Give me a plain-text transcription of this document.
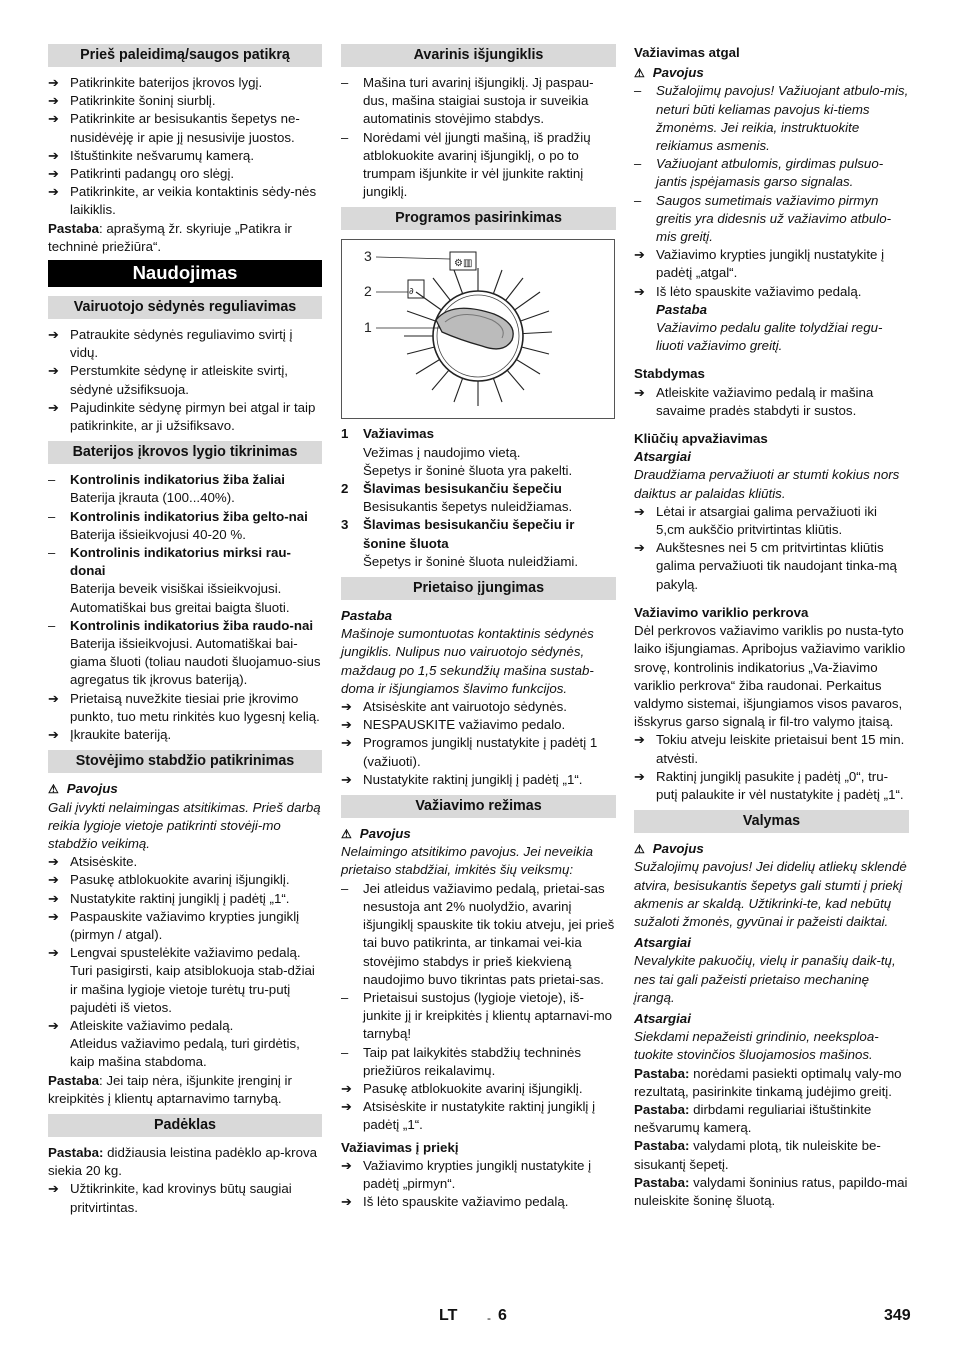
Prieš paleidimą/saugos patikrą
➔ Patikrinkite baterijos įkrovos lygį.
➔ Patikrinkite šoninį siurblį.
➔ Patikrinkite ar besisukantis šepetys ne-nusidėvėję ir apie jį nesusivije juostos.
➔ Ištuštinkite nešvarumų kamerą.
➔ Patikrinti padangų oro slėgį.
➔ Patikrinkite, ar veikia kontaktinis sėdy-nės laikiklis.

Pastaba: aprašymą žr. skyriuje „Patikra ir techninė priežiūra“.

Naudojimas
Vairuotojo sėdynės reguliavimas
➔ Patraukite sėdynės reguliavimo svirtį į vidų.
➔ Perstumkite sėdynę ir atleiskite svirtį, sėdynė užsifiksuoja.
➔ Pajudinkite sėdynę pirmyn bei atgal ir taip patikrinkite, ar ji užsifiksavo.
Baterijos įkrovos lygio tikrinimas
–	Kontrolinis indikatorius žiba žaliai
Baterija įkrauta (100...40%).
–	Kontrolinis indikatorius žiba gelto-nai
Baterija išsieikvojusi 40-20 %.
–	Kontrolinis indikatorius mirksi rau-donai
Baterija beveik visiškai išsieikvojusi. Automatiškai bus greitai baigta šluoti.
–	Kontrolinis indikatorius žiba raudo-nai
Baterija išsieikvojusi. Automatiškai bai-giama šluoti (toliau naudoti šluojamuo-sius agregatus tik įkrovus bateriją).
➔ Prietaisą nuvežkite tiesiai prie įkrovimo punkto, tuo metu rinkitės kuo lygesnį kelią.
➔ Įkraukite bateriją.
Stovėjimo stabdžio patikrinimas
⚠ Pavojus

Gali įvykti nelaimingas atsitikimas. Prieš darbą reikia lygioje vietoje patikrinti stovėji-mo stabdžio veikimą.

➔ Atsisėskite.
➔ Pasukę atblokuokite avarinį išjungiklį.
➔ Nustatykite raktinį jungiklį į padėtį „1“.
➔ Paspauskite važiavimo krypties jungiklį (pirmyn / atgal).
➔ Lengvai spustelėkite važiavimo pedalą. Turi pasigirsti, kaip atsiblokuoja stab-džiai ir mašina lygioje vietoje turėtų tru-putį pajudėti iš vietos.
➔ Atleiskite važiavimo pedalą.
Atleidus važiavimo pedalą, turi girdėtis, kaip mašina stabdoma.

Pastaba: Jei taip nėra, išjunkite įrenginį ir kreipkitės į klientų aptarnavimo tarnybą.

Padėklas

Pastaba: didžiausia leistina padėklo ap-krova siekia 20 kg.

➔ Užtikrinkite, kad krovinys būtų saugiai pritvirtintas.
Avarinis išjungiklis
–	Mašina turi avarinį išjungiklį. Jį paspau-dus, mašina staigiai sustoja ir suveikia automatinis stovėjimo stabdys.
–	Norėdami vėl įjungti mašiną, iš pradžių atblokuokite avarinį išjungiklį, o po to trumpam išjunkite ir vėl įjunkite raktinį jungiklį.
Programos pasirinkimas
⚙▥
∂
3
2
1
1	Važiavimas
Vežimas į naudojimo vietą.
Šepetys ir šoninė šluota yra pakelti.
2	Šlavimas besisukančiu šepečiu
Besisukantis šepetys nuleidžiamas.
3	Šlavimas besisukančiu šepečiu ir šonine šluota
Šepetys ir šoninė šluota nuleidžiami.
Prietaiso įjungimas
Pastaba

Mašinoje sumontuotas kontaktinis sėdynės jungiklis. Nulipus nuo vairuotojo sėdynės, maždaug po 1,5 sekundžių mašina sustab-doma ir išjungiamos šlavimo funkcijos.

➔ Atsisėskite ant vairuotojo sėdynės.
➔ NESPAUSKITE važiavimo pedalo.
➔ Programos jungiklį nustatykite į padėtį 1 (važiuoti).
➔ Nustatykite raktinį jungiklį į padėtį „1“.
Važiavimo režimas
⚠ Pavojus

Nelaimingo atsitikimo pavojus. Jei neveikia prietaiso stabdžiai, imkitės šių veiksmų:

–	Jei atleidus važiavimo pedalą, prietai-sas nesustoja ant 2% nuolydžio, avarinį išjungiklį spauskite tik tokiu atveju, jei prieš tai buvo patikrinta, ar tinkamai vei-kia stovėjimo stabdys ir prieš kiekvieną naudojimo buvo tikrintas pats prietai-sas.
–	Prietaisui sustojus (lygioje vietoje), iš-junkite jį ir kreipkitės į klientų aptarnavi-mo tarnybą!
–	Taip pat laikykitės stabdžių techninės priežiūros reikalavimų.
➔ Pasukę atblokuokite avarinį išjungiklį.
➔ Atsisėskite ir nustatykite raktinį jungiklį į padėtį „1“.
Važiavimas į priekį
➔ Važiavimo krypties jungiklį nustatykite į padėtį „pirmyn“.
➔ Iš lėto spauskite važiavimo pedalą.
Važiavimas atgal
⚠ Pavojus
–	Sužalojimų pavojus! Važiuojant atbulo-mis, neturi būti keliamas pavojus ki-tiems žmonėms. Jei reikia, instruktuokite reikiamus asmenis.
–	Važiuojant atbulomis, girdimas pulsuo-jantis įspėjamasis garso signalas.
–	Saugos sumetimais važiavimo pirmyn greitis yra didesnis už važiavimo atbulo-mis greitį.
➔ Važiavimo krypties jungiklį nustatykite į padėtį „atgal“.
➔ Iš lėto spauskite važiavimo pedalą.
Pastaba
Važiavimo pedalu galite tolydžiai regu-liuoti važiavimo greitį.
Stabdymas
➔ Atleiskite važiavimo pedalą ir mašina savaime pradės stabdyti ir sustos.
Kliūčių apvažiavimas
Atsargiai

Draudžiama pervažiuoti ar stumti kokius nors daiktus ar palaidas kliūtis.

➔ Lėtai ir atsargiai galima pervažiuoti iki 5,cm aukščio pritvirtintas kliūtis.
➔ Aukštesnes nei 5 cm pritvirtintas kliūtis galima pervažiuoti tik naudojant tinka-mą pakylą.
Važiavimo variklio perkrova

Dėl perkrovos važiavimo variklis po nusta-tyto laiko išjungiamas. Apribojus važiavimo variklio srovę, kontrolinis indikatorius „Va-žiavimo variklio perkrova“ žiba raudonai. Perkaitus valdymo sistemai, išjungiamos visos pavaros, išskyrus garso signalą ir fil-tro valymo įtaisą.

➔ Tokiu atveju leiskite prietaisui bent 15 min. atvėsti.
➔ Raktinį jungiklį pasukite į padėtį „0“, tru-putį palaukite ir vėl nustatykite į padėtį „1“.
Valymas
⚠ Pavojus

Sužalojimų pavojus! Jei didelių atliekų sklendė atvira, besisukantis šepetys gali stumti į priekį akmenis ar skaldą. Užtikrinki-te, kad nebūtų sužaloti žmonės, gyvūnai ir pažeisti daiktai.

Atsargiai

Nevalykite pakuočių, vielų ir panašių daik-tų, nes tai gali pažeisti prietaiso mechaninę įrangą.

Atsargiai

Siekdami nepažeisti grindinio, neeksploa-tuokite stovinčios šluojamosios mašinos.

Pastaba: norėdami pasiekti optimalų valy-mo rezultatą, pasirinkite tinkamą judėjimo greitį.

Pastaba: dirbdami reguliariai ištuštinkite nešvarumų kamerą.

Pastaba: valydami plotą, tik nuleiskite be-sisukantį šepetį.

Pastaba: valydami šoninius ratus, papildo-mai nuleiskite šoninę šluotą.

LT - 6	349
